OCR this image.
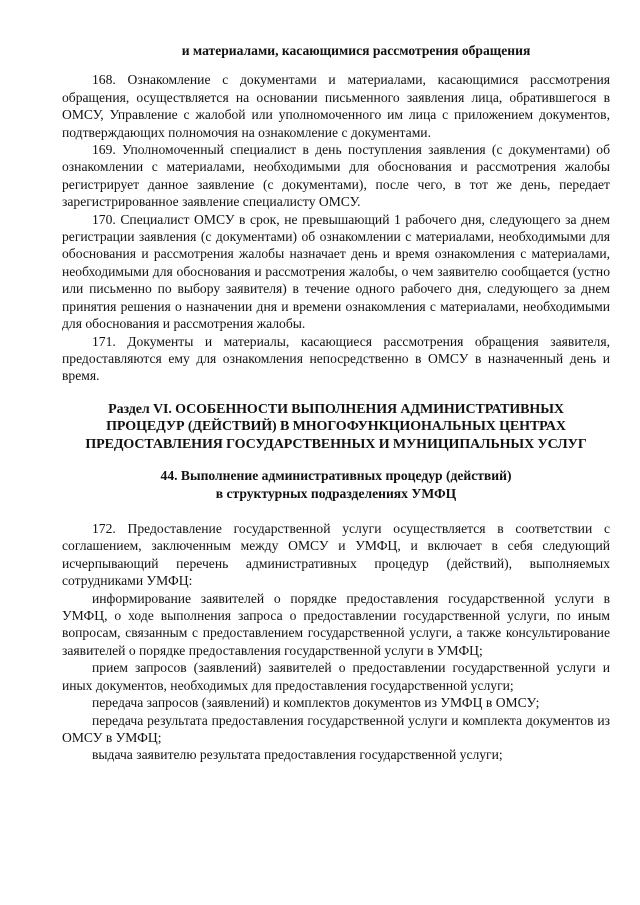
и материалами, касающимися рассмотрения обращения

168. Ознакомление с документами и материалами, касающимися рассмотрения обращения, осуществляется на основании письменного заявления лица, обратившегося в ОМСУ, Управление с жалобой или уполномоченного им лица с приложением документов, подтверждающих полномочия на ознакомление с документами.

169. Уполномоченный специалист в день поступления заявления (с документами) об ознакомлении с материалами, необходимыми для обоснования и рассмотрения жалобы регистрирует данное заявление (с документами), после чего, в тот же день, передает зарегистрированное заявление специалисту ОМСУ.

170. Специалист ОМСУ в срок, не превышающий 1 рабочего дня, следующего за днем регистрации заявления (с документами) об ознакомлении с материалами, необходимыми для обоснования и рассмотрения жалобы назначает день и время ознакомления с материалами, необходимыми для обоснования и рассмотрения жалобы, о чем заявителю сообщается (устно или письменно по выбору заявителя) в течение одного рабочего дня, следующего за днем принятия решения о назначении дня и времени ознакомления с материалами, необходимыми для обоснования и рассмотрения жалобы.

171. Документы и материалы, касающиеся рассмотрения обращения заявителя, предоставляются ему для ознакомления непосредственно в ОМСУ в назначенный день и время.

Раздел VI. ОСОБЕННОСТИ ВЫПОЛНЕНИЯ АДМИНИСТРАТИВНЫХ
ПРОЦЕДУР (ДЕЙСТВИЙ) В МНОГОФУНКЦИОНАЛЬНЫХ ЦЕНТРАХ
ПРЕДОСТАВЛЕНИЯ ГОСУДАРСТВЕННЫХ И МУНИЦИПАЛЬНЫХ УСЛУГ
44. Выполнение административных процедур (действий)
в структурных подразделениях УМФЦ

172. Предоставление государственной услуги осуществляется в соответствии с соглашением, заключенным между ОМСУ и УМФЦ, и включает в себя следующий исчерпывающий перечень административных процедур (действий), выполняемых сотрудниками УМФЦ:

информирование заявителей о порядке предоставления государственной услуги в УМФЦ, о ходе выполнения запроса о предоставлении государственной услуги, по иным вопросам, связанным с предоставлением государственной услуги, а также консультирование заявителей о порядке предоставления государственной услуги в УМФЦ;

прием запросов (заявлений) заявителей о предоставлении государственной услуги и иных документов, необходимых для предоставления государственной услуги;

передача запросов (заявлений) и комплектов документов из УМФЦ в ОМСУ;

передача результата предоставления государственной услуги и комплекта документов из ОМСУ в УМФЦ;

выдача заявителю результата предоставления государственной услуги;
